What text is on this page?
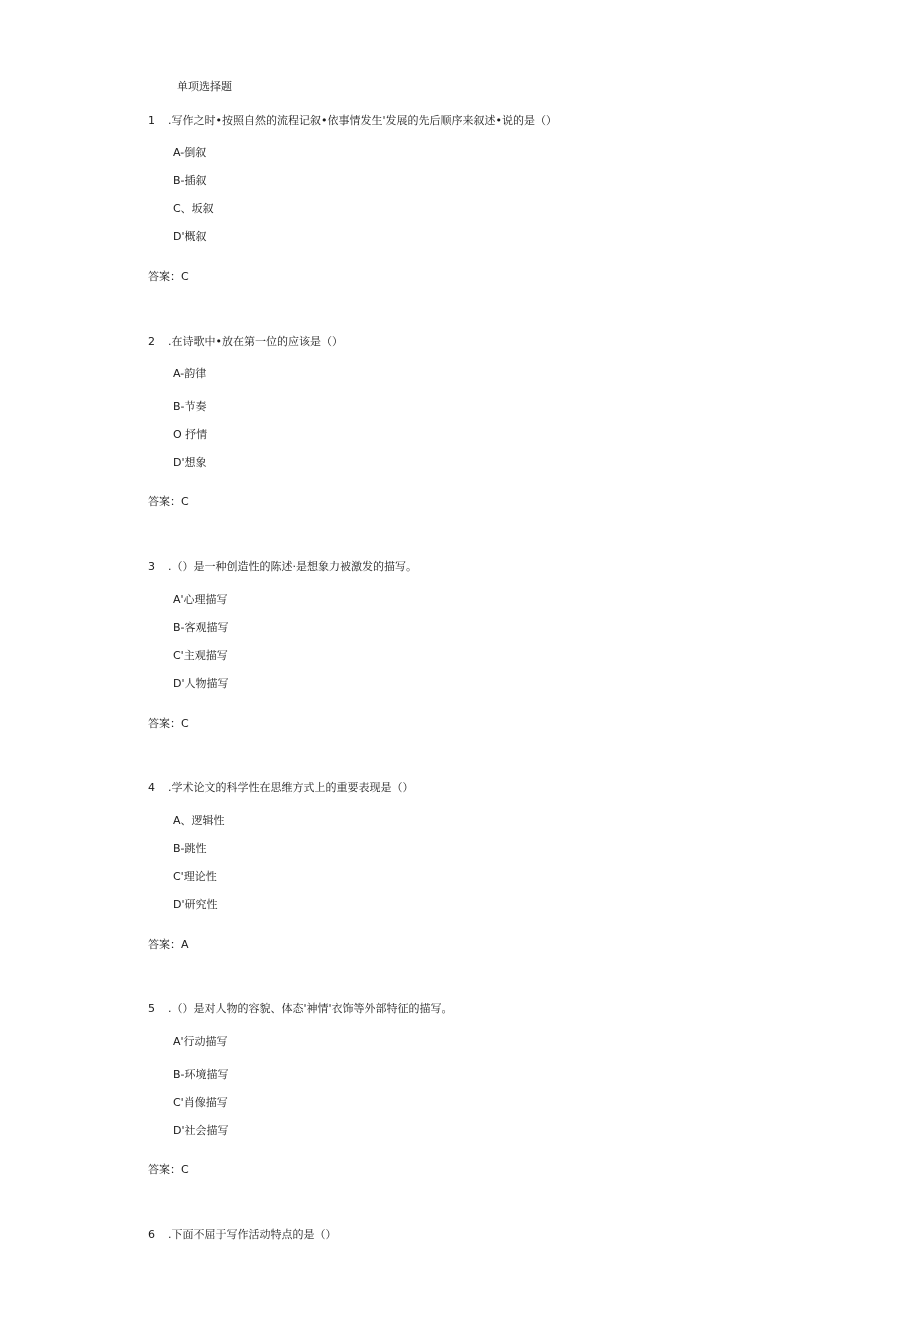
单项选择题
1 .写作之时•按照自然的流程记叙•依事情发生'发展的先后顺序来叙述•说的是（）
A-倒叙
B-插叙
C、坂叙
D'概叙
答案：C
2 .在诗歌中•放在第一位的应该是（）
A-韵律
B-节奏
O 抒情
D'想象
答案：C
3 .（）是一种创造性的陈述·是想象力被激发的描写。
A'心理描写
B-客观描写
C'主观描写
D'人物描写
答案：C
4 .学术论文的科学性在思维方式上的重要表现是（）
A、逻辑性
B-跳性
C'理论性
D'研究性
答案：A
5 .（）是对人物的容貌、体态'神情'衣饰等外部特征的描写。
A'行动描写
B-环境描写
C'肖像描写
D'社会描写
答案：C
6 .下面不屈于写作活动特点的是（）
